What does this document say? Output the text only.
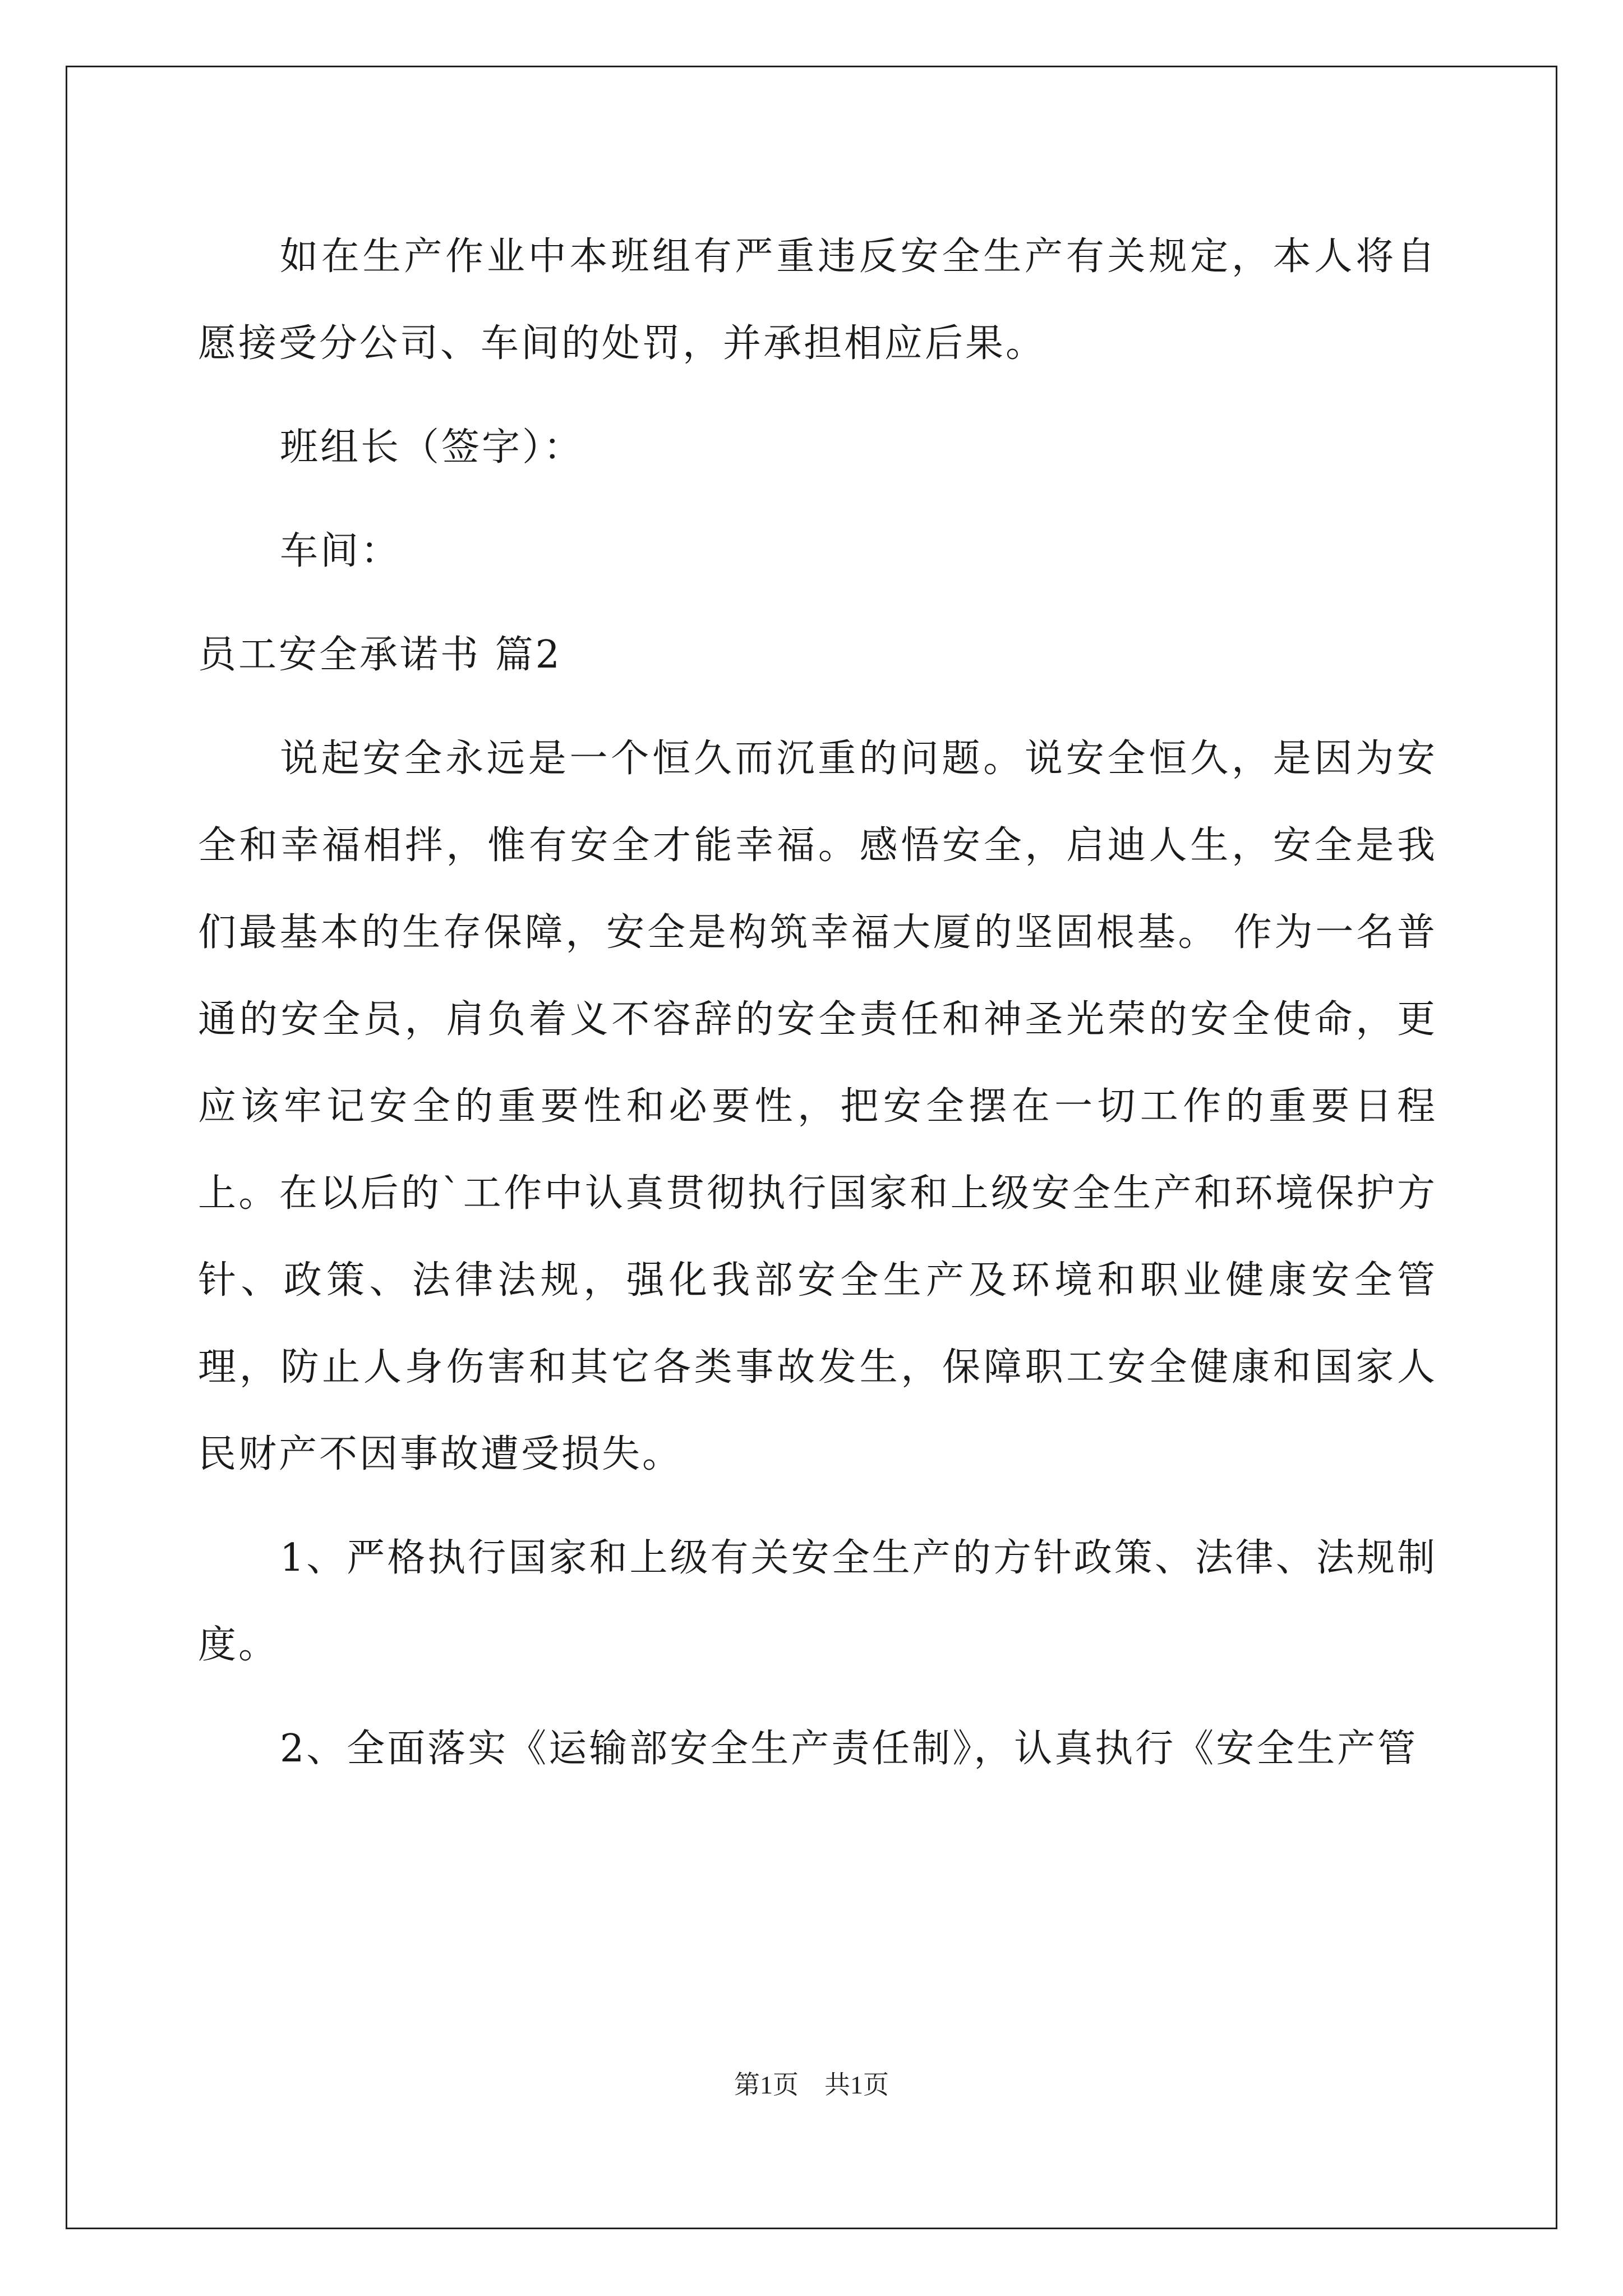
如在生产作业中本班组有严重违反安全生产有关规定，本人将自愿接受分公司、车间的处罚，并承担相应后果。

班组长（签字）：

车间：

员工安全承诺书 篇2

说起安全永远是一个恒久而沉重的问题。说安全恒久，是因为安全和幸福相拌，惟有安全才能幸福。感悟安全，启迪人生，安全是我们最基本的生存保障，安全是构筑幸福大厦的坚固根基。 作为一名普通的安全员，肩负着义不容辞的安全责任和神圣光荣的安全使命，更应该牢记安全的重要性和必要性，把安全摆在一切工作的重要日程上。在以后的`工作中认真贯彻执行国家和上级安全生产和环境保护方针、政策、法律法规，强化我部安全生产及环境和职业健康安全管理，防止人身伤害和其它各类事故发生，保障职工安全健康和国家人民财产不因事故遭受损失。

1、严格执行国家和上级有关安全生产的方针政策、法律、法规制度。

2、全面落实《运输部安全生产责任制》，认真执行《安全生产管

第1页　共1页
